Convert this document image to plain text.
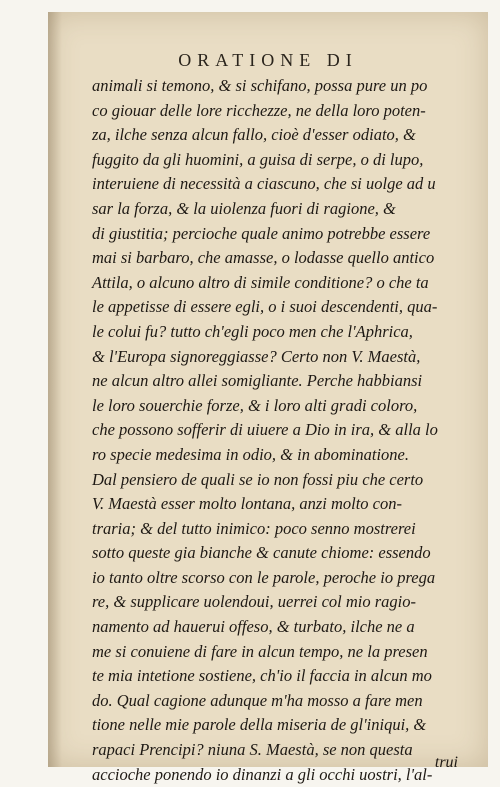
ORATIONE DI
animali si temono, & si schifano, possa pure un po
co giouar delle lore ricchezze, ne della loro poten-
za, ilche senza alcun fallo, cioè d'esser odiato, &
fuggito da gli huomini, a guisa di serpe, o di lupo,
interuiene di necessità a ciascuno, che si uolge ad u
sar la forza, & la uiolenza fuori di ragione, &
di giustitia; percioche quale animo potrebbe essere
mai si barbaro, che amasse, o lodasse quello antico
Attila, o alcuno altro di simile conditione? o che ta
le appetisse di essere egli, o i suoi descendenti, qua-
le colui fu? tutto ch'egli poco men che l'Aphrica,
& l'Europa signoreggiasse? Certo non V. Maestà,
ne alcun altro allei somigliante. Perche habbiansi
le loro souerchie forze, & i loro alti gradi coloro,
che possono sofferir di uiuere a Dio in ira, & alla lo
ro specie medesima in odio, & in abominatione.
Dal pensiero de quali se io non fossi piu che certo
V. Maestà esser molto lontana, anzi molto con-
traria; & del tutto inimico: poco senno mostrerei
sotto queste gia bianche & canute chiome: essendo
io tanto oltre scorso con le parole, peroche io prega
re, & supplicare uolendoui, uerrei col mio ragio-
namento ad hauerui offeso, & turbato, ilche ne a
me si conuiene di fare in alcun tempo, ne la presen
te mia intetione sostiene, ch'io il faccia in alcun mo
do. Qual cagione adunque m'ha mosso a fare men
tione nelle mie parole della miseria de gl'iniqui, &
rapaci Prencipi? niuna S. Maestà, se non questa
accioche ponendo io dinanzi a gli occhi uostri, l'al-
trui
